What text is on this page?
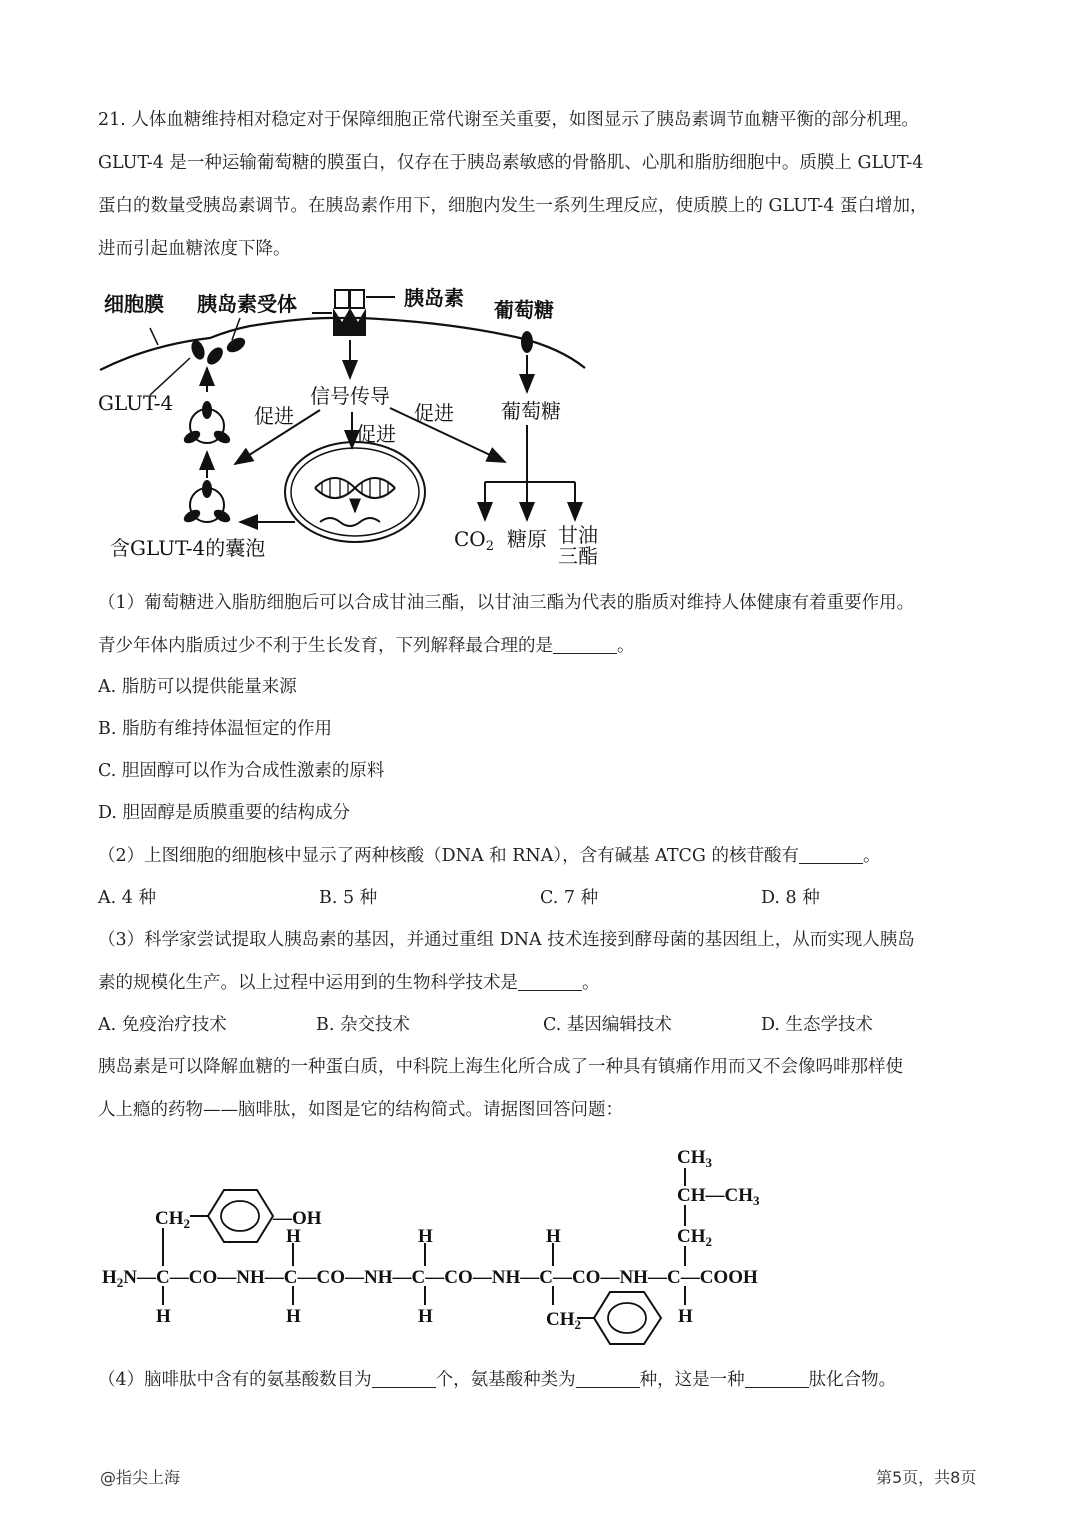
21. 人体血糖维持相对稳定对于保障细胞正常代谢至关重要，如图显示了胰岛素调节血糖平衡的部分机理。
GLUT-4 是一种运输葡萄糖的膜蛋白，仅存在于胰岛素敏感的骨骼肌、心肌和脂肪细胞中。质膜上 GLUT-4
蛋白的数量受胰岛素调节。在胰岛素作用下，细胞内发生一系列生理反应，使质膜上的 GLUT-4 蛋白增加，
进而引起血糖浓度下降。
细胞膜 胰岛素受体	胰岛素 葡萄糖
GLUT-4	信号传导
促进
促进
促进 葡萄糖
含GLUT-4的囊泡	$CO_2$ 糖原 甘油
三酯
（1）葡萄糖进入脂肪细胞后可以合成甘油三酯，以甘油三酯为代表的脂质对维持人体健康有着重要作用。
青少年体内脂质过少不利于生长发育，下列解释最合理的是	。
A. 脂肪可以提供能量来源
B. 脂肪有维持体温恒定的作用
C. 胆固醇可以作为合成性激素的原料
D. 胆固醇是质膜重要的结构成分
（2）上图细胞的细胞核中显示了两种核酸（DNA 和 RNA），含有碱基 ATCG 的核苷酸有	。
A. 4 种	B. 5 种	C. 7 种	D. 8 种
（3）科学家尝试提取人胰岛素的基因，并通过重组 DNA 技术连接到酵母菌的基因组上，从而实现人胰岛
素的规模化生产。以上过程中运用到的生物科学技术是	。
A. 免疫治疗技术	B. 杂交技术	C. 基因编辑技术	D. 生态学技术
胰岛素是可以降解血糖的一种蛋白质，中科院上海生化所合成了一种具有镇痛作用而又不会像吗啡那样使
人上瘾的药物——脑啡肽，如图是它的结构简式。请据图回答问题：
$CH_3$
$CH—CH_3$
$CH_2$
$CH_2$	—OH
H	H	H
$H_2N—C—CO—NH—C—CO—NH—C—CO—NH—C—CO—NH—C—COOH$
H	H	H	$CH_2$	H
（4）脑啡肽中含有的氨基酸数目为	个，氨基酸种类为	种，这是一种	肽化合物。
@指尖上海	第5页，共8页
